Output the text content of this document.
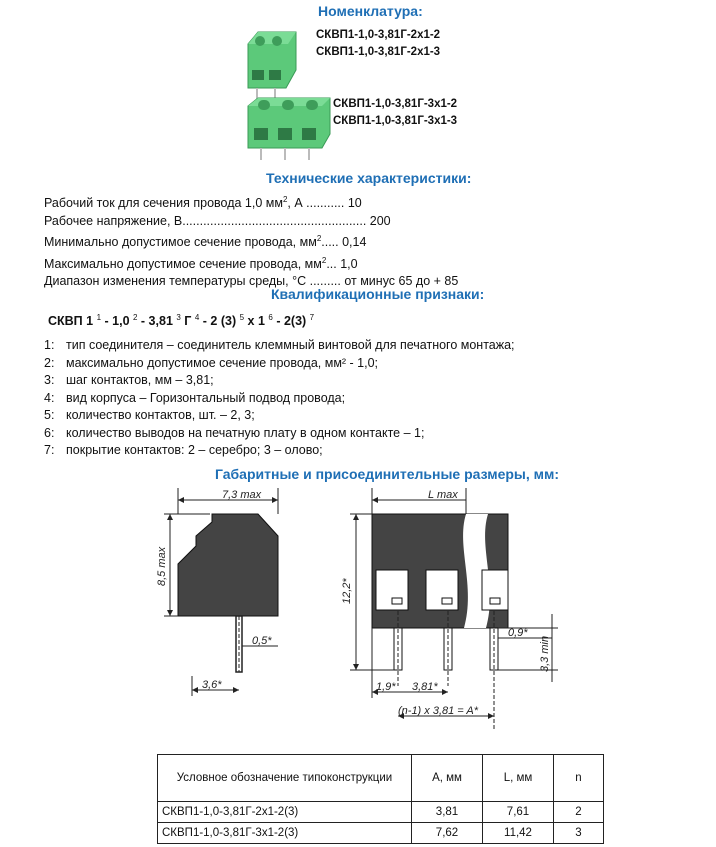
Номенклатура:
СКВП1-1,0-3,81Г-2х1-2
СКВП1-1,0-3,81Г-2х1-3
СКВП1-1,0-3,81Г-3х1-2
СКВП1-1,0-3,81Г-3х1-3
Технические характеристики:
Рабочий ток для сечения провода 1,0 $мм^2$, А ........... 10
Рабочее напряжение, В..................................................... 200
Минимально допустимое сечение провода, $мм^2$..... 0,14
Максимально допустимое сечение провода, $мм^2$... 1,0
Диапазон изменения температуры среды, °С ......... от минус 65 до + 85
Квалификационные признаки:
СКВП 1 $^1$ - 1,0 $^2$ - 3,81 $^3$ Г $^4$ - 2 (3) $^5$ х 1 $^6$ - 2(3) $^7$
1: тип соединителя – соединитель клеммный винтовой для печатного монтажа;
2: максимально допустимое сечение провода, мм² - 1,0;
3: шаг контактов, мм – 3,81;
4: вид корпуса – Горизонтальный подвод провода;
5: количество контактов, шт. – 2, 3;
6: количество выводов на печатную плату в одном контакте – 1;
7: покрытие контактов: 2 – серебро; 3 – олово;
Габаритные и присоединительные размеры, мм:
7,3 max
8,5 max
0,5*
3,6*
L max
12,2*
0,9*
3,3 min
1,9* 3,81*
(n-1) x 3,81 = A*
Условное обозначение типоконструкции	А, мм	L, мм	n
СКВП1-1,0-3,81Г-2х1-2(3)	3,81	7,61	2
СКВП1-1,0-3,81Г-3х1-2(3)	7,62	11,42	3
